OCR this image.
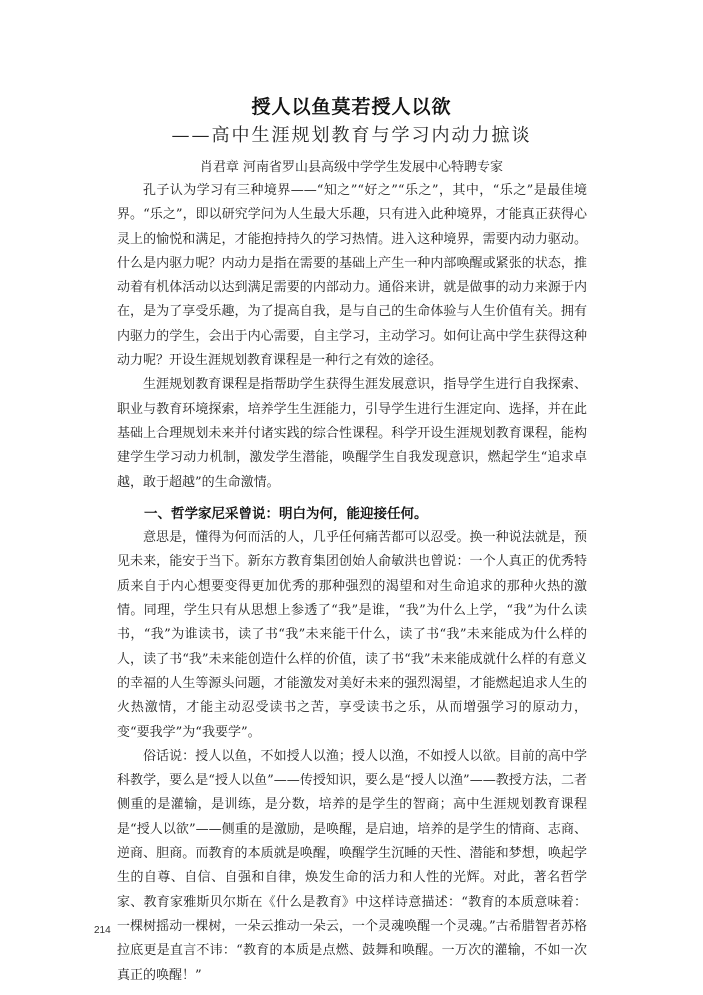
授人以鱼莫若授人以欲
——高中生涯规划教育与学习内动力摭谈
肖君章 河南省罗山县高级中学学生发展中心特聘专家

孔子认为学习有三种境界——“知之”“好之”“乐之”，其中，“乐之”是最佳境界。“乐之”，即以研究学问为人生最大乐趣，只有进入此种境界，才能真正获得心灵上的愉悦和满足，才能抱持持久的学习热情。进入这种境界，需要内动力驱动。什么是内驱力呢？内动力是指在需要的基础上产生一种内部唤醒或紧张的状态，推动着有机体活动以达到满足需要的内部动力。通俗来讲，就是做事的动力来源于内在，是为了享受乐趣，为了提高自我，是与自己的生命体验与人生价值有关。拥有内驱力的学生，会出于内心需要，自主学习，主动学习。如何让高中学生获得这种动力呢？开设生涯规划教育课程是一种行之有效的途径。

生涯规划教育课程是指帮助学生获得生涯发展意识，指导学生进行自我探索、职业与教育环境探索，培养学生生涯能力，引导学生进行生涯定向、选择，并在此基础上合理规划未来并付诸实践的综合性课程。科学开设生涯规划教育课程，能构建学生学习动力机制，激发学生潜能，唤醒学生自我发现意识，燃起学生“追求卓越，敢于超越”的生命激情。

一、哲学家尼采曾说：明白为何，能迎接任何。

意思是，懂得为何而活的人，几乎任何痛苦都可以忍受。换一种说法就是，预见未来，能安于当下。新东方教育集团创始人俞敏洪也曾说：一个人真正的优秀特质来自于内心想要变得更加优秀的那种强烈的渴望和对生命追求的那种火热的激情。同理，学生只有从思想上参透了“我”是谁，“我”为什么上学，“我”为什么读书，“我”为谁读书，读了书“我”未来能干什么，读了书“我”未来能成为什么样的人，读了书“我”未来能创造什么样的价值，读了书“我”未来能成就什么样的有意义的幸福的人生等源头问题，才能激发对美好未来的强烈渴望，才能燃起追求人生的火热激情，才能主动忍受读书之苦，享受读书之乐，从而增强学习的原动力，变“要我学”为“我要学”。

俗话说：授人以鱼，不如授人以渔；授人以渔，不如授人以欲。目前的高中学科教学，要么是“授人以鱼”——传授知识，要么是“授人以渔”——教授方法，二者侧重的是灌输，是训练，是分数，培养的是学生的智商；高中生涯规划教育课程是“授人以欲”——侧重的是激励，是唤醒，是启迪，培养的是学生的情商、志商、逆商、胆商。而教育的本质就是唤醒，唤醒学生沉睡的天性、潜能和梦想，唤起学生的自尊、自信、自强和自律，焕发生命的活力和人性的光辉。对此，著名哲学家、教育家雅斯贝尔斯在《什么是教育》中这样诗意描述：“教育的本质意味着：一棵树摇动一棵树，一朵云推动一朵云，一个灵魂唤醒一个灵魂。”古希腊智者苏格拉底更是直言不讳：“教育的本质是点燃、鼓舞和唤醒。一万次的灌输，不如一次真正的唤醒！”

214
